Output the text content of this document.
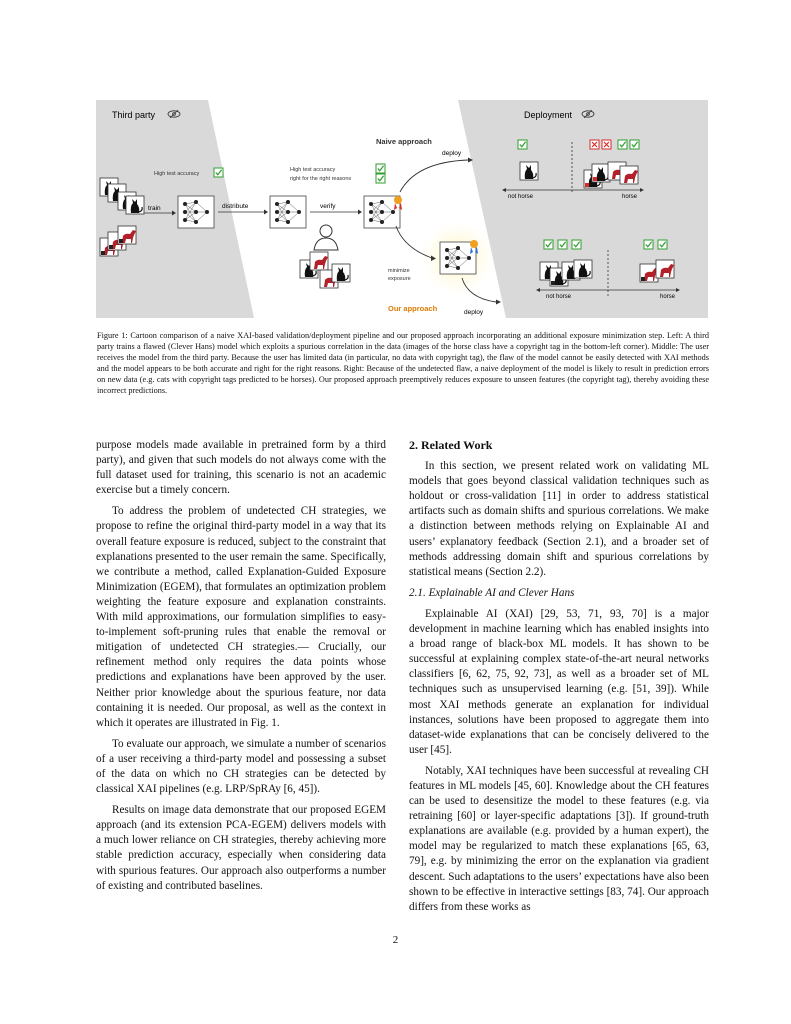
Third party	Deployment
High test accuracy
train	distribute
High test accuracy
right for the right reasons
verify
Naive approach
deploy
minimize
exposure
Our approach	deploy
not horse	horse
not horse	horse

Figure 1: Cartoon comparison of a naive XAI-based validation/deployment pipeline and our proposed approach incorporating an additional exposure minimization step. Left: A third party trains a flawed (Clever Hans) model which exploits a spurious correlation in the data (images of the horse class have a copyright tag in the bottom-left corner). Middle: The user receives the model from the third party. Because the user has limited data (in particular, no data with copyright tag), the flaw of the model cannot be easily detected with XAI methods and the model appears to be both accurate and right for the right reasons. Right: Because of the undetected flaw, a naive deployment of the model is likely to result in prediction errors on new data (e.g. cats with copyright tags predicted to be horses). Our proposed approach preemptively reduces exposure to unseen features (the copyright tag), thereby avoiding these incorrect predictions.

purpose models made available in pretrained form by a third party), and given that such models do not always come with the full dataset used for training, this scenario is not an academic exercise but a timely concern.

To address the problem of undetected CH strategies, we propose to refine the original third-party model in a way that its overall feature exposure is reduced, subject to the constraint that explanations presented to the user remain the same. Specifically, we contribute a method, called Explanation-Guided Exposure Minimization (EGEM), that formulates an optimization problem weighting the feature exposure and explanation constraints. With mild approximations, our formulation simplifies to easy-to-implement soft-pruning rules that enable the removal or mitigation of undetected CH strategies.— Crucially, our refinement method only requires the data points whose predictions and explanations have been approved by the user. Neither prior knowledge about the spurious feature, nor data containing it is needed. Our proposal, as well as the context in which it operates are illustrated in Fig. 1.

To evaluate our approach, we simulate a number of scenarios of a user receiving a third-party model and possessing a subset of the data on which no CH strategies can be detected by classical XAI pipelines (e.g. LRP/SpRAy [6, 45]).

Results on image data demonstrate that our proposed EGEM approach (and its extension PCA-EGEM) delivers models with a much lower reliance on CH strategies, thereby achieving more stable prediction accuracy, especially when considering data with spurious features. Our approach also outperforms a number of existing and contributed baselines.

2. Related Work

In this section, we present related work on validating ML models that goes beyond classical validation techniques such as holdout or cross-validation [11] in order to address statistical artifacts such as domain shifts and spurious correlations. We make a distinction between methods relying on Explainable AI and users’ explanatory feedback (Section 2.1), and a broader set of methods addressing domain shift and spurious correlations by statistical means (Section 2.2).

2.1. Explainable AI and Clever Hans

Explainable AI (XAI) [29, 53, 71, 93, 70] is a major development in machine learning which has enabled insights into a broad range of black-box ML models. It has shown to be successful at explaining complex state-of-the-art neural networks classifiers [6, 62, 75, 92, 73], as well as a broader set of ML techniques such as unsupervised learning (e.g. [51, 39]). While most XAI methods generate an explanation for individual instances, solutions have been proposed to aggregate them into dataset-wide explanations that can be concisely delivered to the user [45].

Notably, XAI techniques have been successful at revealing CH features in ML models [45, 60]. Knowledge about the CH features can be used to desensitize the model to these features (e.g. via retraining [60] or layer-specific adaptations [3]). If ground-truth explanations are available (e.g. provided by a human expert), the model may be regularized to match these explanations [65, 63, 79], e.g. by minimizing the error on the explanation via gradient descent. Such adaptations to the users’ expectations have also been shown to be effective in interactive settings [83, 74]. Our approach differs from these works as

2
